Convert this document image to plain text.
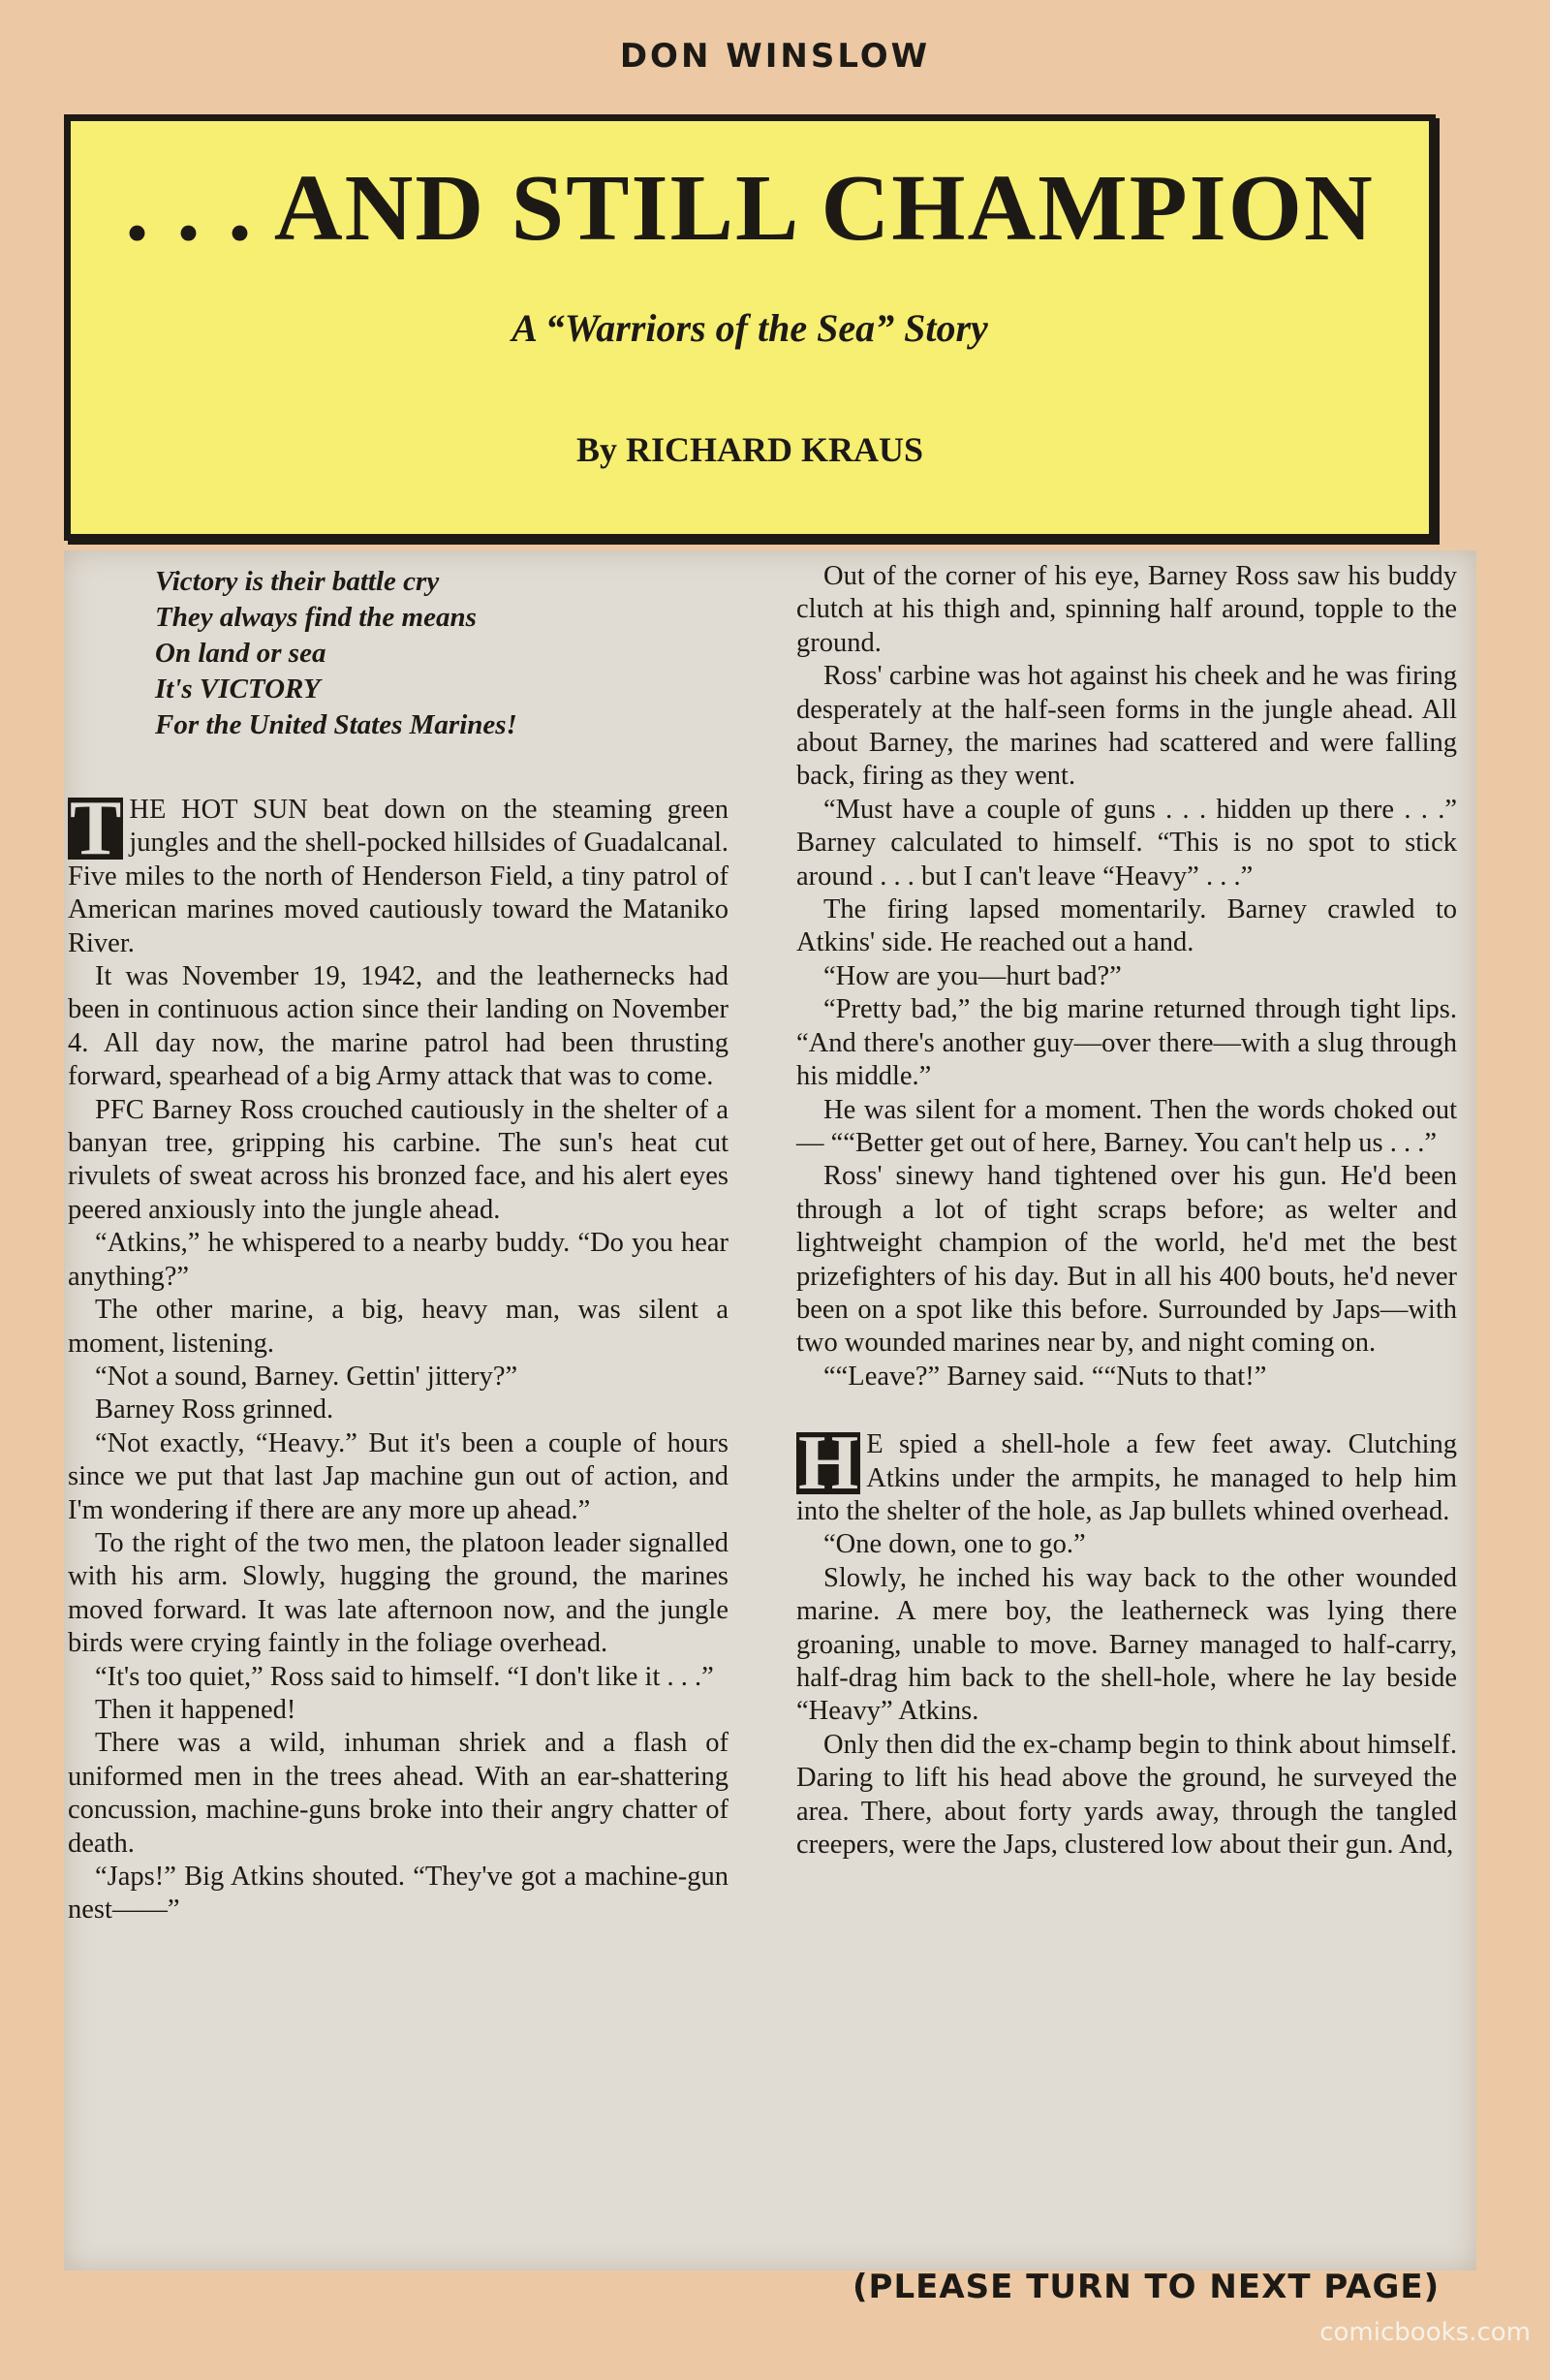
DON WINSLOW
. . . AND STILL CHAMPION
A “Warriors of the Sea” Story
By RICHARD KRAUS
Victory is their battle cry
They always find the means
On land or sea
It's VICTORY
For the United States Marines!

T HE HOT SUN beat down on the steaming green jungles and the shell-pocked hillsides of Guadalcanal. Five miles to the north of Henderson Field, a tiny patrol of American marines moved cautiously toward the Mataniko River.

It was November 19, 1942, and the leathernecks had been in continuous action since their landing on November 4. All day now, the marine patrol had been thrusting forward, spearhead of a big Army attack that was to come.

PFC Barney Ross crouched cautiously in the shelter of a banyan tree, gripping his carbine. The sun's heat cut rivulets of sweat across his bronzed face, and his alert eyes peered anxiously into the jungle ahead.

“Atkins,” he whispered to a nearby buddy. “Do you hear anything?”

The other marine, a big, heavy man, was silent a moment, listening.

“Not a sound, Barney. Gettin' jittery?”

Barney Ross grinned.

“Not exactly, “Heavy.” But it's been a couple of hours since we put that last Jap machine gun out of action, and I'm wondering if there are any more up ahead.”

To the right of the two men, the platoon leader signalled with his arm. Slowly, hugging the ground, the marines moved forward. It was late afternoon now, and the jungle birds were crying faintly in the foliage overhead.

“It's too quiet,” Ross said to himself. “I don't like it . . .”

Then it happened!

There was a wild, inhuman shriek and a flash of uniformed men in the trees ahead. With an ear-shattering concussion, machine-guns broke into their angry chatter of death.

“Japs!” Big Atkins shouted. “They've got a machine-gun nest——”

Out of the corner of his eye, Barney Ross saw his buddy clutch at his thigh and, spinning half around, topple to the ground.

Ross' carbine was hot against his cheek and he was firing desperately at the half-seen forms in the jungle ahead. All about Barney, the marines had scattered and were falling back, firing as they went.

“Must have a couple of guns . . . hidden up there . . .” Barney calculated to himself. “This is no spot to stick around . . . but I can't leave “Heavy” . . .”

The firing lapsed momentarily. Barney crawled to Atkins' side. He reached out a hand.

“How are you—hurt bad?”

“Pretty bad,” the big marine returned through tight lips. “And there's another guy—over there—with a slug through his middle.”

He was silent for a moment. Then the words choked out — ““Better get out of here, Barney. You can't help us . . .”

Ross' sinewy hand tightened over his gun. He'd been through a lot of tight scraps before; as welter and lightweight champion of the world, he'd met the best prizefighters of his day. But in all his 400 bouts, he'd never been on a spot like this before. Surrounded by Japs—with two wounded marines near by, and night coming on.

““Leave?” Barney said. ““Nuts to that!”

H E spied a shell-hole a few feet away. Clutching Atkins under the armpits, he managed to help him into the shelter of the hole, as Jap bullets whined overhead.

“One down, one to go.”

Slowly, he inched his way back to the other wounded marine. A mere boy, the leatherneck was lying there groaning, unable to move. Barney managed to half-carry, half-drag him back to the shell-hole, where he lay beside “Heavy” Atkins.

Only then did the ex-champ begin to think about himself. Daring to lift his head above the ground, he surveyed the area. There, about forty yards away, through the tangled creepers, were the Japs, clustered low about their gun. And,

(PLEASE TURN TO NEXT PAGE)
comicbooks.com
